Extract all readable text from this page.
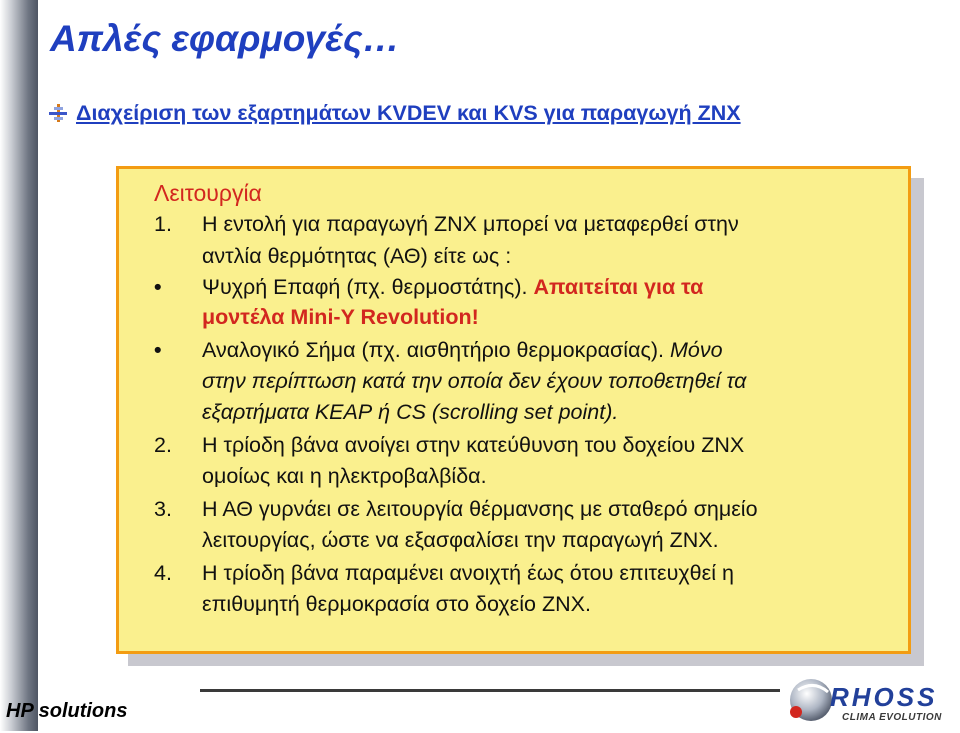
Απλές εφαρμογές…
Διαχείριση των εξαρτημάτων KVDEV και KVS για παραγωγή ΖΝΧ
Λειτουργία
1. Η εντολή για παραγωγή ΖΝΧ μπορεί να μεταφερθεί στην
αντλία θερμότητας (ΑΘ) είτε ως :
• Ψυχρή Επαφή (πχ. θερμοστάτης). Απαιτείται για τα
μοντέλα Mini-Y Revolution!
• Αναλογικό Σήμα (πχ. αισθητήριο θερμοκρασίας). Μόνο
στην περίπτωση κατά την οποία δεν έχουν τοποθετηθεί τα
εξαρτήματα ΚΕΑΡ ή CS (scrolling set point).
2. Η τρίοδη βάνα ανοίγει στην κατεύθυνση του δοχείου ΖΝΧ
ομοίως και η ηλεκτροβαλβίδα.
3. Η ΑΘ γυρνάει σε λειτουργία θέρμανσης με σταθερό σημείο
λειτουργίας, ώστε να εξασφαλίσει την παραγωγή ΖΝΧ.
4. Η τρίοδη βάνα παραμένει ανοιχτή έως ότου επιτευχθεί η
επιθυμητή θερμοκρασία στο δοχείο ΖΝΧ.
HP solutions	RHOSS
CLIMA EVOLUTION
